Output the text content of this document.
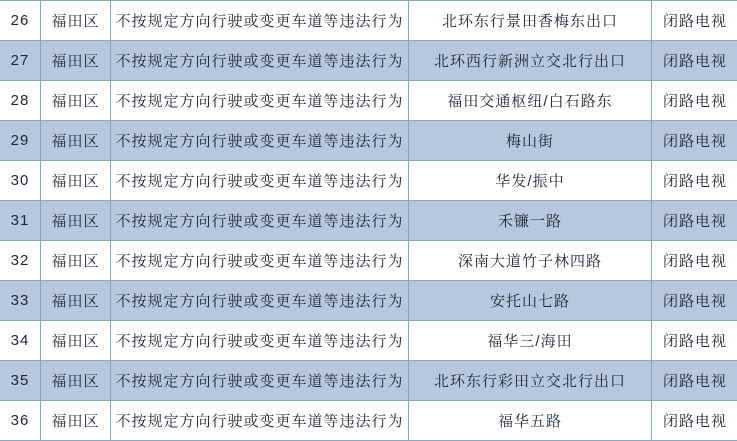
26	福田区	不按规定方向行驶或变更车道等违法行为	北环东行景田香梅东出口	闭路电视
27	福田区	不按规定方向行驶或变更车道等违法行为	北环西行新洲立交北行出口	闭路电视
28	福田区	不按规定方向行驶或变更车道等违法行为	福田交通枢纽/白石路东	闭路电视
29	福田区	不按规定方向行驶或变更车道等违法行为	梅山街	闭路电视
30	福田区	不按规定方向行驶或变更车道等违法行为	华发/振中	闭路电视
31	福田区	不按规定方向行驶或变更车道等违法行为	禾镰一路	闭路电视
32	福田区	不按规定方向行驶或变更车道等违法行为	深南大道竹子林四路	闭路电视
33	福田区	不按规定方向行驶或变更车道等违法行为	安托山七路	闭路电视
34	福田区	不按规定方向行驶或变更车道等违法行为	福华三/海田	闭路电视
35	福田区	不按规定方向行驶或变更车道等违法行为	北环东行彩田立交北行出口	闭路电视
36	福田区	不按规定方向行驶或变更车道等违法行为	福华五路	闭路电视
